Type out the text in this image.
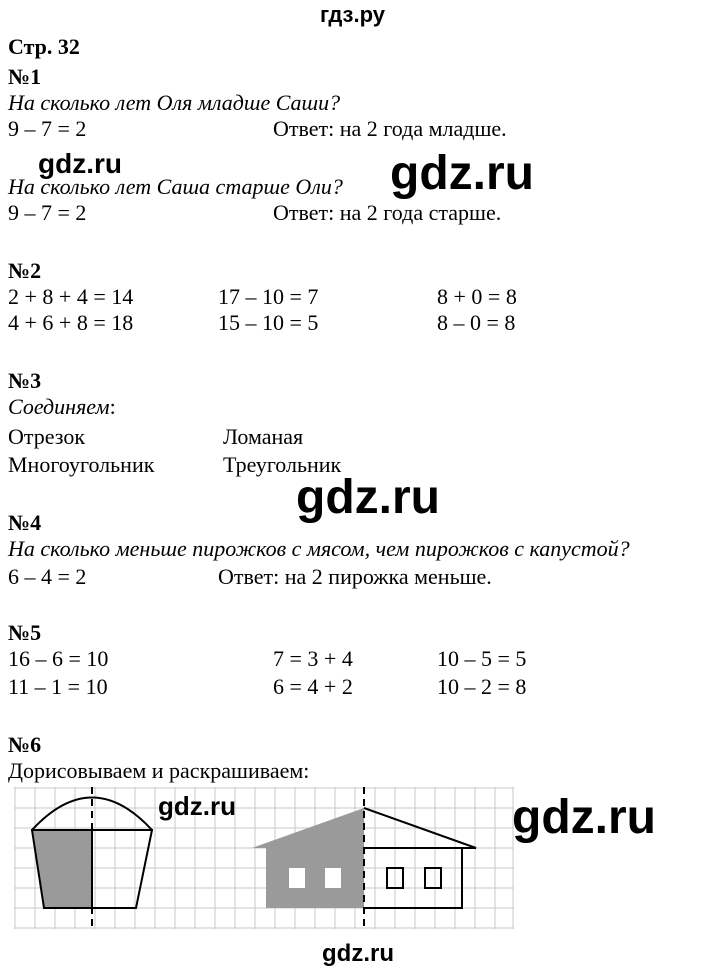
гдз.ру
Стр. 32
№1
На сколько лет Оля младше Саши?
9 – 7 = 2	Ответ: на 2 года младше.
На сколько лет Саша старше Оли?
9 – 7 = 2	Ответ: на 2 года старше.
№2
2 + 8 + 4 = 14	17 – 10 = 7	8 + 0 = 8
4 + 6 + 8 = 18	15 – 10 = 5	8 – 0 = 8
№3
Соединяем:
Отрезок	Ломаная
Многоугольник	Треугольник
№4
На сколько меньше пирожков с мясом, чем пирожков с капустой?
6 – 4 = 2	Ответ: на 2 пирожка меньше.
№5
16 – 6 = 10	7 = 3 + 4	10 – 5 = 5
11 – 1 = 10	6 = 4 + 2	10 – 2 = 8
№6
Дорисовываем и раскрашиваем:
gdz.ru	gdz.ru
gdz.ru
gdz.ru	gdz.ru
gdz.ru
